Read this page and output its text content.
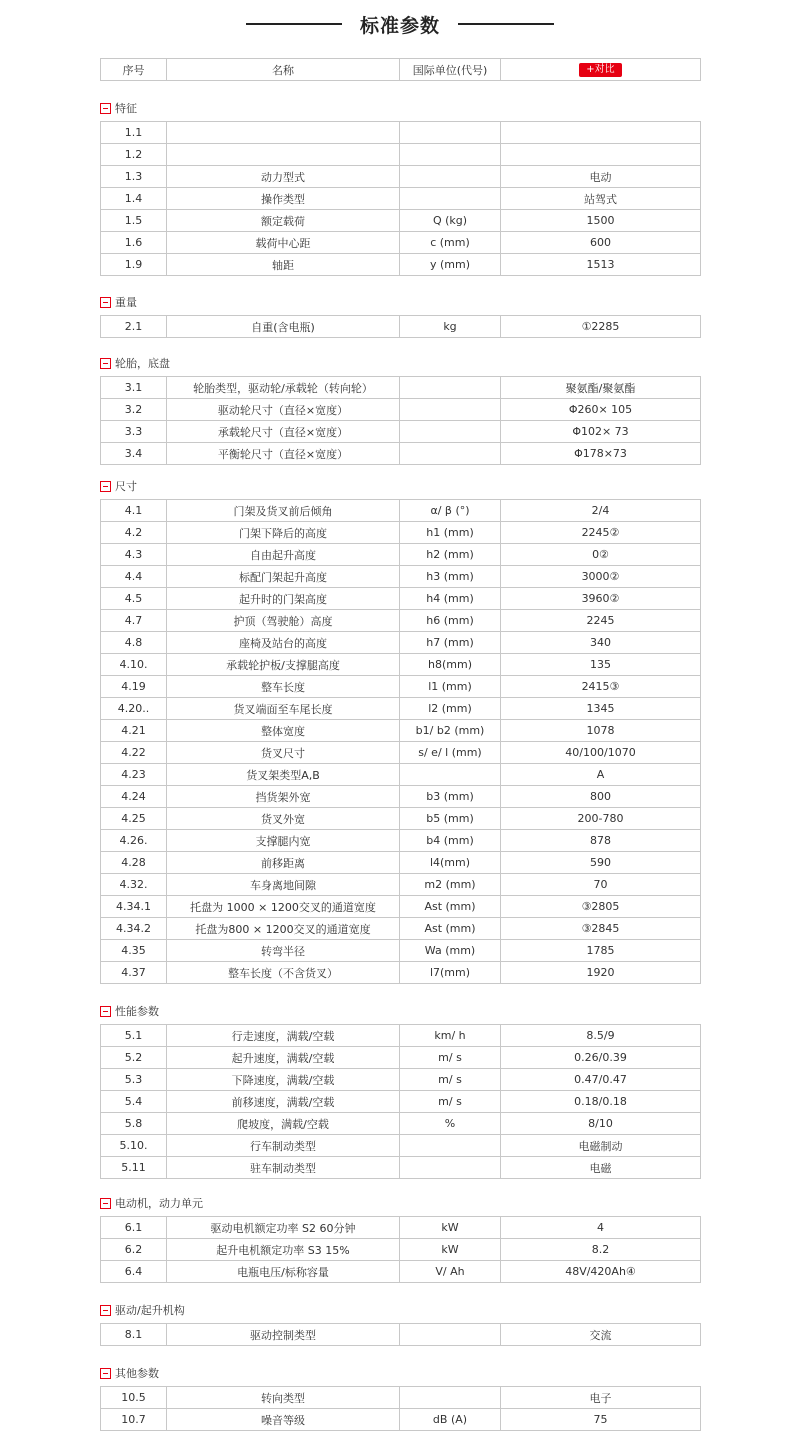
标准参数
序号	名称	国际单位(代号)	+对比
特征
1.1			
1.2			
1.3	动力型式		电动
1.4	操作类型		站驾式
1.5	额定载荷	Q (kg)	1500
1.6	载荷中心距	c (mm)	600
1.9	轴距	y (mm)	1513
重量
2.1	自重(含电瓶)	kg	①2285
轮胎，底盘
3.1	轮胎类型，驱动轮/承载轮（转向轮）		聚氨酯/聚氨酯
3.2	驱动轮尺寸（直径×宽度）		Φ260× 105
3.3	承载轮尺寸（直径×宽度）		Φ102× 73
3.4	平衡轮尺寸（直径×宽度）		Φ178×73
尺寸
4.1	门架及货叉前后倾角	α/ β (°)	2/4
4.2	门架下降后的高度	h1 (mm)	2245②
4.3	自由起升高度	h2 (mm)	0②
4.4	标配门架起升高度	h3 (mm)	3000②
4.5	起升时的门架高度	h4 (mm)	3960②
4.7	护顶（驾驶舱）高度	h6 (mm)	2245
4.8	座椅及站台的高度	h7 (mm)	340
4.10.	承载轮护板/支撑腿高度	h8(mm)	135
4.19	整车长度	l1 (mm)	2415③
4.20..	货叉端面至车尾长度	l2 (mm)	1345
4.21	整体宽度	b1/ b2 (mm)	1078
4.22	货叉尺寸	s/ e/ l (mm)	40/100/1070
4.23	货叉架类型A,B		A
4.24	挡货架外宽	b3 (mm)	800
4.25	货叉外宽	b5 (mm)	200-780
4.26.	支撑腿内宽	b4 (mm)	878
4.28	前移距离	l4(mm)	590
4.32.	车身离地间隙	m2 (mm)	70
4.34.1	托盘为 1000 × 1200交叉的通道宽度	Ast (mm)	③2805
4.34.2	托盘为800 × 1200交叉的通道宽度	Ast (mm)	③2845
4.35	转弯半径	Wa (mm)	1785
4.37	整车长度（不含货叉）	l7(mm)	1920
性能参数
5.1	行走速度，满载/空载	km/ h	8.5/9
5.2	起升速度，满载/空载	m/ s	0.26/0.39
5.3	下降速度，满载/空载	m/ s	0.47/0.47
5.4	前移速度，满载/空载	m/ s	0.18/0.18
5.8	爬坡度，满载/空载	%	8/10
5.10.	行车制动类型		电磁制动
5.11	驻车制动类型		电磁
电动机，动力单元
6.1	驱动电机额定功率 S2 60分钟	kW	4
6.2	起升电机额定功率 S3 15%	kW	8.2
6.4	电瓶电压/标称容量	V/ Ah	48V/420Ah④
驱动/起升机构
8.1	驱动控制类型		交流
其他参数
10.5	转向类型		电子
10.7	噪音等级	dB (A)	75
